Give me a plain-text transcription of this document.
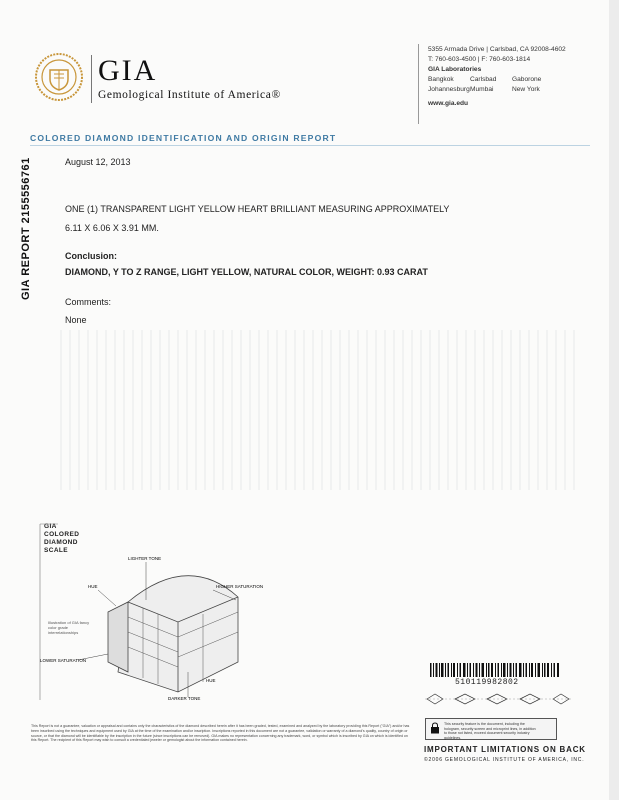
GIA
Gemological Institute of America®
5355 Armada Drive | Carlsbad, CA 92008-4602
T: 760-603-4500 | F: 760-603-1814
GIA Laboratories
Bangkok	Carlsbad	Gaborone
Johannesburg Mumbai	New York
www.gia.edu
COLORED DIAMOND IDENTIFICATION AND ORIGIN REPORT
GIA REPORT 2155556761	August 12, 2013
ONE (1) TRANSPARENT LIGHT YELLOW HEART BRILLIANT MEASURING APPROXIMATELY
6.11 X 6.06 X 3.91 MM.
Conclusion:
DIAMOND, Y TO Z RANGE, LIGHT YELLOW, NATURAL COLOR, WEIGHT: 0.93 CARAT
Comments:
None
GIA
COLORED
DIAMOND
SCALE
LIGHTER TONE
DARKER TONE
HIGHER SATURATION
LOWER SATURATION
HUE
HUE
Illustration of GIA fancy color grade interrelationships
510119982802
This security feature is the document, including the hologram, security screen and microprint lines, in addition to those not listed, exceed document security industry guidelines.
IMPORTANT LIMITATIONS ON BACK
©2006 GEMOLOGICAL INSTITUTE OF AMERICA, INC.
This Report is not a guarantee, valuation or appraisal and contains only the characteristics of the diamond described herein after it has been graded, tested, examined and analyzed by the laboratory providing this Report ("GIA") and/or has been inscribed using the techniques and equipment used by GIA at the time of the examination and/or inscription. Inscriptions reported in this document are not a guarantee, validation or warranty of a diamond's quality, country of origin or source, or that the diamond will be identifiable by the inscription in the future (since inscriptions can be removed). GIA makes no representation concerning any trademark, word, or symbol which is inscribed by GIA on which is identified on this Report. The recipient of this Report may wish to consult a credentialed jeweler or gemologist about the information contained herein.
